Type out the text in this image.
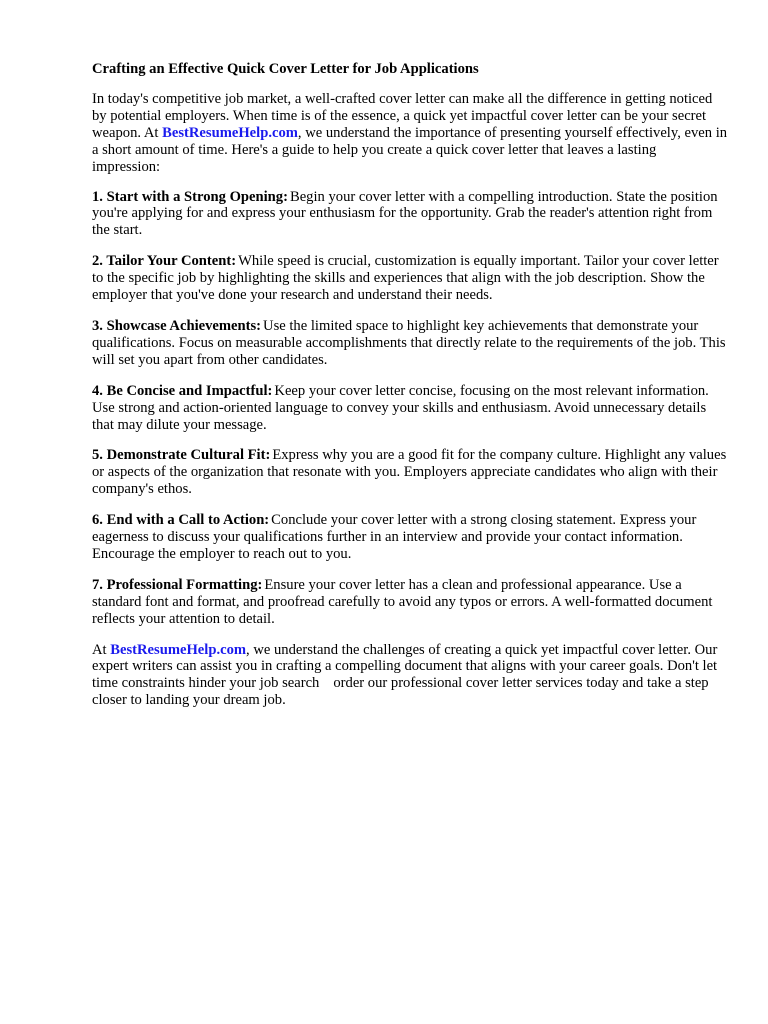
Crafting an Effective Quick Cover Letter for Job Applications

In today's competitive job market, a well-crafted cover letter can make all the difference in getting noticed by potential employers. When time is of the essence, a quick yet impactful cover letter can be your secret weapon. At BestResumeHelp.com, we understand the importance of presenting yourself effectively, even in a short amount of time. Here's a guide to help you create a quick cover letter that leaves a lasting impression:

1. Start with a Strong Opening: Begin your cover letter with a compelling introduction. State the position you're applying for and express your enthusiasm for the opportunity. Grab the reader's attention right from the start.

2. Tailor Your Content: While speed is crucial, customization is equally important. Tailor your cover letter to the specific job by highlighting the skills and experiences that align with the job description. Show the employer that you've done your research and understand their needs.

3. Showcase Achievements: Use the limited space to highlight key achievements that demonstrate your qualifications. Focus on measurable accomplishments that directly relate to the requirements of the job. This will set you apart from other candidates.

4. Be Concise and Impactful: Keep your cover letter concise, focusing on the most relevant information. Use strong and action-oriented language to convey your skills and enthusiasm. Avoid unnecessary details that may dilute your message.

5. Demonstrate Cultural Fit: Express why you are a good fit for the company culture. Highlight any values or aspects of the organization that resonate with you. Employers appreciate candidates who align with their company's ethos.

6. End with a Call to Action: Conclude your cover letter with a strong closing statement. Express your eagerness to discuss your qualifications further in an interview and provide your contact information. Encourage the employer to reach out to you.

7. Professional Formatting: Ensure your cover letter has a clean and professional appearance. Use a standard font and format, and proofread carefully to avoid any typos or errors. A well-formatted document reflects your attention to detail.

At BestResumeHelp.com, we understand the challenges of creating a quick yet impactful cover letter. Our expert writers can assist you in crafting a compelling document that aligns with your career goals. Don't let time constraints hinder your job search order our professional cover letter services today and take a step closer to landing your dream job.
